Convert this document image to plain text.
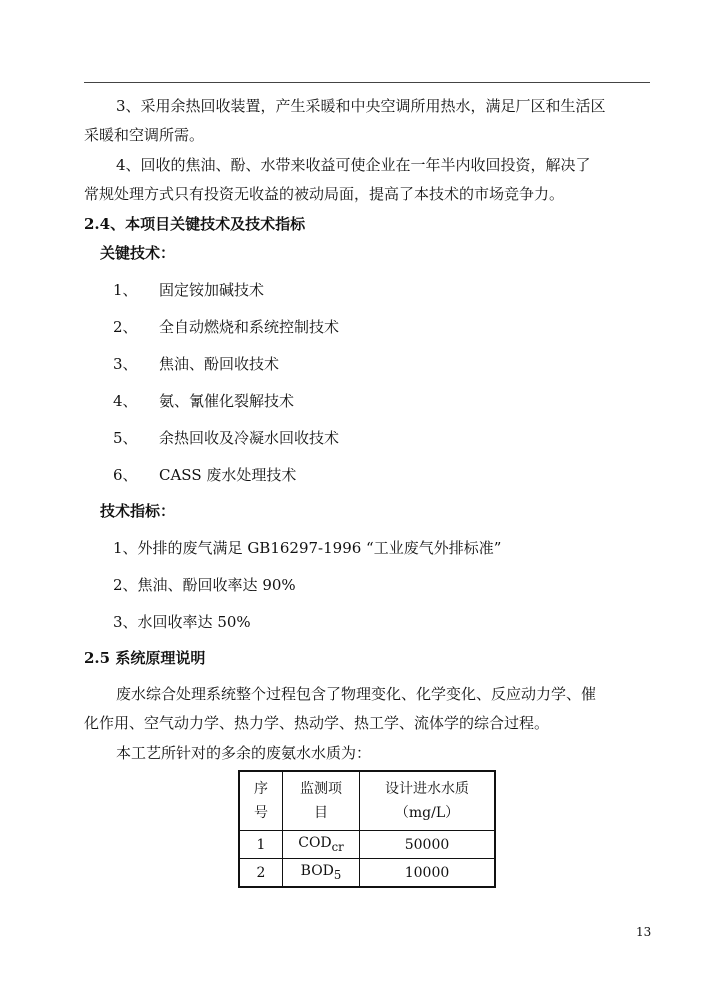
3、采用余热回收装置，产生采暖和中央空调所用热水，满足厂区和生活区
采暖和空调所需。
4、回收的焦油、酚、水带来收益可使企业在一年半内收回投资，解决了
常规处理方式只有投资无收益的被动局面，提高了本技术的市场竞争力。
2.4、本项目关键技术及技术指标
关键技术：
1、 固定铵加碱技术
2、 全自动燃烧和系统控制技术
3、 焦油、酚回收技术
4、 氨、氰催化裂解技术
5、 余热回收及冷凝水回收技术
6、 CASS 废水处理技术
技术指标：
1、外排的废气满足 GB16297-1996 “工业废气外排标准”
2、焦油、酚回收率达 90%
3、水回收率达 50%
2.5 系统原理说明
废水综合处理系统整个过程包含了物理变化、化学变化、反应动力学、催
化作用、空气动力学、热力学、热动学、热工学、流体学的综合过程。
本工艺所针对的多余的废氨水水质为：
序
号	监测项
目	设计进水水质
（mg/L）
1	$COD_{cr}$	50000
2	$BOD_5$	10000
13
